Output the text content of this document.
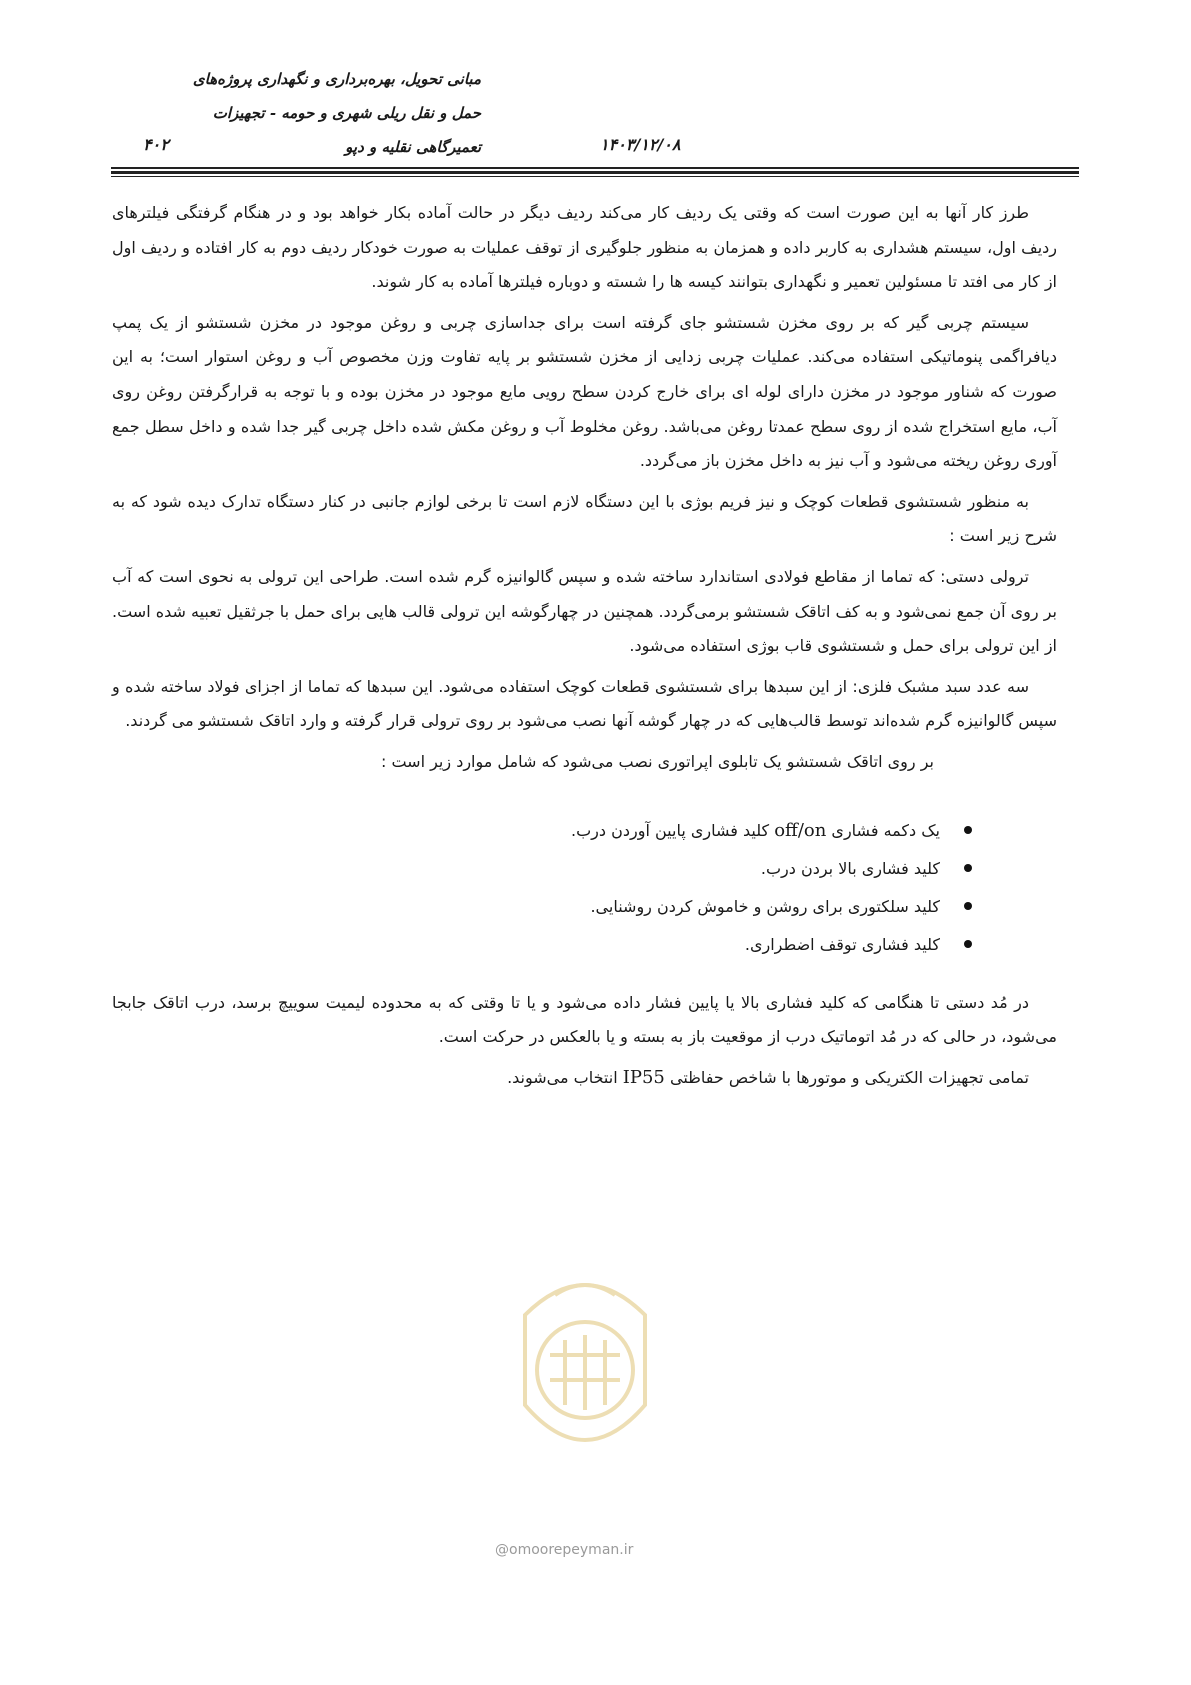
مبانی تحویل، بهره‌برداری و نگهداری پروژه‌های
حمل و نقل ریلی شهری و حومه - تجهیزات
تعمیرگاهی نقلیه و دپو	۱۴۰۳/۱۲/۰۸
۴۰۲

طرز کار آنها به این صورت است که وقتی یک ردیف کار می‌کند ردیف دیگر در حالت آماده بکار خواهد بود و در هنگام گرفتگی فیلترهای ردیف اول، سیستم هشداری به کاربر داده و همزمان به منظور جلوگیری از توقف عملیات به صورت خودکار ردیف دوم به کار افتاده و ردیف اول از کار می افتد تا مسئولین تعمیر و نگهداری بتوانند کیسه ها را شسته و دوباره فیلترها آماده به کار شوند.

سیستم چربی گیر که بر روی مخزن شستشو جای گرفته است برای جداسازی چربی و روغن موجود در مخزن شستشو از یک پمپ دیافراگمی پنوماتیکی استفاده می‌کند. عملیات چربی زدایی از مخزن شستشو بر پایه تفاوت وزن مخصوص آب و روغن استوار است؛ به این صورت که شناور موجود در مخزن دارای لوله ای برای خارج کردن سطح رویی مایع موجود در مخزن بوده و با توجه به قرارگرفتن روغن روی آب، مایع استخراج شده از روی سطح عمدتا روغن می‌باشد. روغن مخلوط آب و روغن مکش شده داخل چربی گیر جدا شده و داخل سطل جمع آوری روغن ریخته می‌شود و آب نیز به داخل مخزن باز می‌گردد.

به منظور شستشوی قطعات کوچک و نیز فریم بوژی با این دستگاه لازم است تا برخی لوازم جانبی در کنار دستگاه تدارک دیده شود که به شرح زیر است :

ترولی دستی: که تماما از مقاطع فولادی استاندارد ساخته شده و سپس گالوانیزه گرم شده است. طراحی این ترولی به نحوی است که آب بر روی آن جمع نمی‌شود و به کف اتاقک شستشو برمی‌گردد. همچنین در چهارگوشه این ترولی قالب هایی برای حمل با جرثقیل تعبیه شده است. از این ترولی برای حمل و شستشوی قاب بوژی استفاده می‌شود.

سه عدد سبد مشبک فلزی: از این سبدها برای شستشوی قطعات کوچک استفاده می‌شود. این سبدها که تماما از اجزای فولاد ساخته شده و سپس گالوانیزه گرم شده‌اند توسط قالب‌هایی که در چهار گوشه آنها نصب می‌شود بر روی ترولی قرار گرفته و وارد اتاقک شستشو می گردند.

بر روی اتاقک شستشو یک تابلوی اپراتوری نصب می‌شود که شامل موارد زیر است :

یک دکمه فشاری off/on کلید فشاری پایین آوردن درب.
کلید فشاری بالا بردن درب.
کلید سلکتوری برای روشن و خاموش کردن روشنایی.
کلید فشاری توقف اضطراری.

در مُد دستی تا هنگامی که کلید فشاری بالا یا پایین فشار داده می‌شود و یا تا وقتی که به محدوده لیمیت سوییچ برسد، درب اتاقک جابجا می‌شود، در حالی که در مُد اتوماتیک درب از موقعیت باز به بسته و یا بالعکس در حرکت است.

تمامی تجهیزات الکتریکی و موتورها با شاخص حفاظتی IP55 انتخاب می‌شوند.

@omoorepeyman.ir
